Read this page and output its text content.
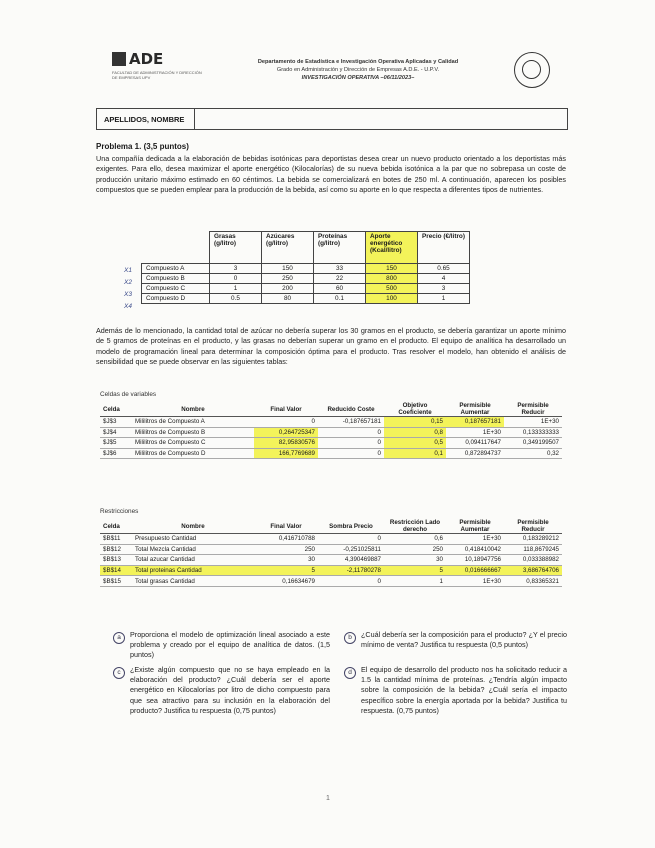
ADE
FACULTAD DE ADMINISTRACIÓN Y DIRECCIÓN DE EMPRESAS UPV
Departamento de Estadística e Investigación Operativa Aplicadas y Calidad
Grado en Administración y Dirección de Empresas A.D.E. - U.P.V.
INVESTIGACIÓN OPERATIVA –06/11/2023–
APELLIDOS, NOMBRE
Problema 1. (3,5 puntos)
Una compañía dedicada a la elaboración de bebidas isotónicas para deportistas desea crear un nuevo producto orientado a los deportistas más exigentes. Para ello, desea maximizar el aporte energético (Kilocalorías) de su nueva bebida isotónica a la par que no sobrepasa un coste de producción unitario máximo estimado en 60 céntimos. La bebida se comercializará en botes de 250 ml. A continuación, aparecen los posibles compuestos que se pueden emplear para la producción de la bebida, así como su aporte en lo que respecta a diferentes tipos de nutrientes.
	Grasas (g/litro)	Azúcares (g/litro)	Proteínas (g/litro)	Aporte energético (Kcal/litro)	Precio (€/litro)
Compuesto A	3	150	33	150	0.65
Compuesto B	0	250	22	800	4
Compuesto C	1	200	60	500	3
Compuesto D	0.5	80	0.1	100	1
X1
X2
X3
X4
Además de lo mencionado, la cantidad total de azúcar no debería superar los 30 gramos en el producto, se debería garantizar un aporte mínimo de 5 gramos de proteínas en el producto, y las grasas no deberían superar un gramo en el producto. El equipo de analítica ha desarrollado un modelo de programación lineal para determinar la composición óptima para el producto. Tras resolver el modelo, han obtenido el análisis de sensibilidad que se puede observar en las siguientes tablas:
Celdas de variables
Celda	Nombre	Final Valor	Reducido Coste	Objetivo Coeficiente	Permisible Aumentar	Permisible Reducir
$J$3	Mililitros de Compuesto A	0	-0,187657181	0,15	0,187657181	1E+30
$J$4	Mililitros de Compuesto B	0,264725347	0	0,8	1E+30	0,133333333
$J$5	Mililitros de Compuesto C	82,95830576	0	0,5	0,094117647	0,349199507
$J$6	Mililitros de Compuesto D	166,7769689	0	0,1	0,872894737	0,32
Restricciones
Celda	Nombre	Final Valor	Sombra Precio	Restricción Lado derecho	Permisible Aumentar	Permisible Reducir
$B$11	Presupuesto Cantidad	0,416710788	0	0,6	1E+30	0,183289212
$B$12	Total Mezcla Cantidad	250	-0,251025811	250	0,418410042	118,8679245
$B$13	Total azucar Cantidad	30	4,390469887	30	10,18947756	0,033388982
$B$14	Total proteinas Cantidad	5	-2,11780278	5	0,016666667	3,686764706
$B$15	Total grasas Cantidad	0,16634679	0	1	1E+30	0,83365321
a	Proporciona el modelo de optimización lineal asociado a este problema y creado por el equipo de analítica de datos. (1,5 puntos)
c	¿Existe algún compuesto que no se haya empleado en la elaboración del producto? ¿Cuál debería ser el aporte energético en Kilocalorías por litro de dicho compuesto para que sea atractivo para su inclusión en la elaboración del producto? Justifica tu respuesta (0,75 puntos)
b	¿Cuál debería ser la composición para el producto? ¿Y el precio mínimo de venta? Justifica tu respuesta (0,5 puntos)
d	El equipo de desarrollo del producto nos ha solicitado reducir a 1.5 la cantidad mínima de proteínas. ¿Tendría algún impacto sobre la composición de la bebida? ¿Cuál sería el impacto específico sobre la energía aportada por la bebida? Justifica tu respuesta. (0,75 puntos)
1
